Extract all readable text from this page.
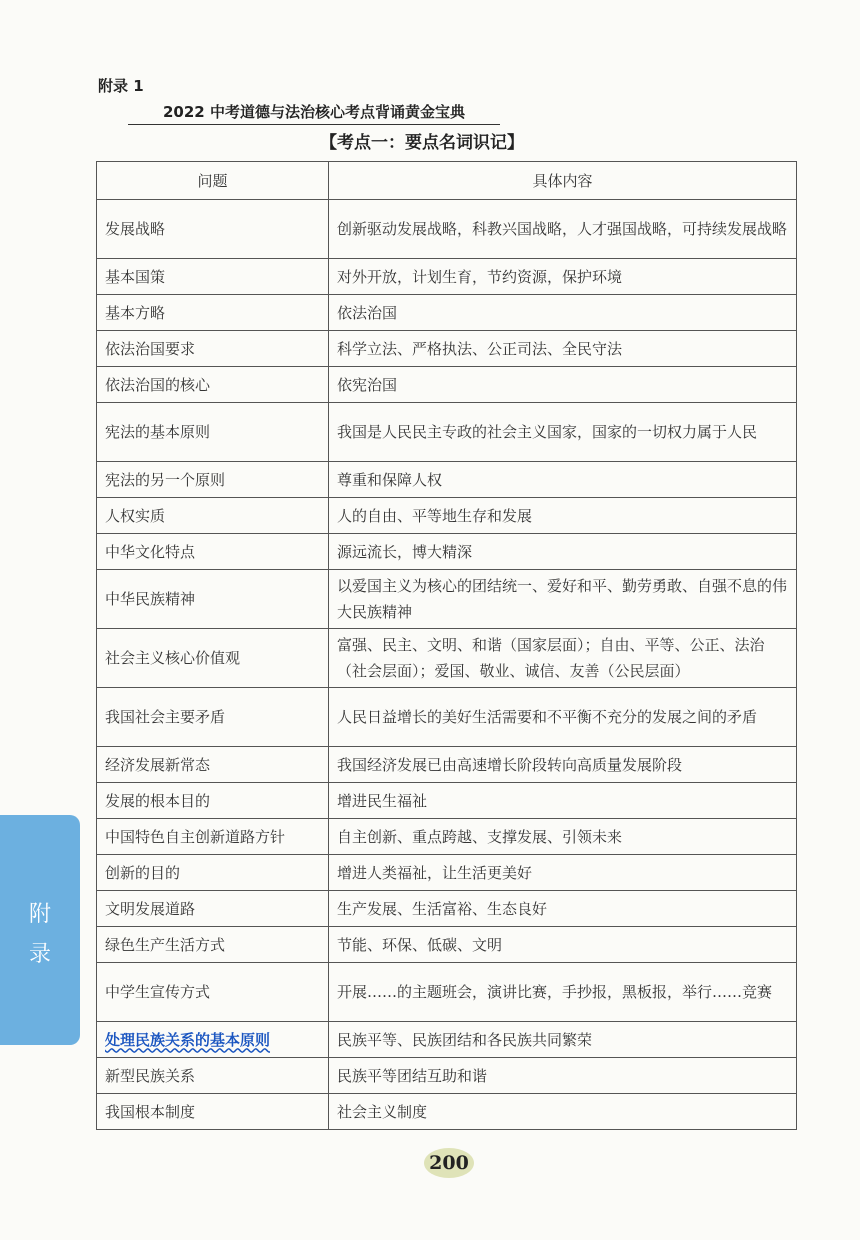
附录 1
2022 中考道德与法治核心考点背诵黄金宝典
【考点一：要点名词识记】
问题	具体内容
发展战略	创新驱动发展战略，科教兴国战略，人才强国战略，可持续发展战略
基本国策	对外开放，计划生育，节约资源，保护环境
基本方略	依法治国
依法治国要求	科学立法、严格执法、公正司法、全民守法
依法治国的核心	依宪治国
宪法的基本原则	我国是人民民主专政的社会主义国家，国家的一切权力属于人民
宪法的另一个原则	尊重和保障人权
人权实质	人的自由、平等地生存和发展
中华文化特点	源远流长，博大精深
中华民族精神	以爱国主义为核心的团结统一、爱好和平、勤劳勇敢、自强不息的伟大民族精神
社会主义核心价值观	富强、民主、文明、和谐（国家层面）；自由、平等、公正、法治（社会层面）；爱国、敬业、诚信、友善（公民层面）
我国社会主要矛盾	人民日益增长的美好生活需要和不平衡不充分的发展之间的矛盾
经济发展新常态	我国经济发展已由高速增长阶段转向高质量发展阶段
发展的根本目的	增进民生福祉
中国特色自主创新道路方针	自主创新、重点跨越、支撑发展、引领未来
创新的目的	增进人类福祉，让生活更美好
文明发展道路	生产发展、生活富裕、生态良好
绿色生产生活方式	节能、环保、低碳、文明
中学生宣传方式	开展……的主题班会，演讲比赛，手抄报，黑板报，举行……竞赛
处理民族关系的基本原则	民族平等、民族团结和各民族共同繁荣
新型民族关系	民族平等团结互助和谐
我国根本制度	社会主义制度
附
录
200
